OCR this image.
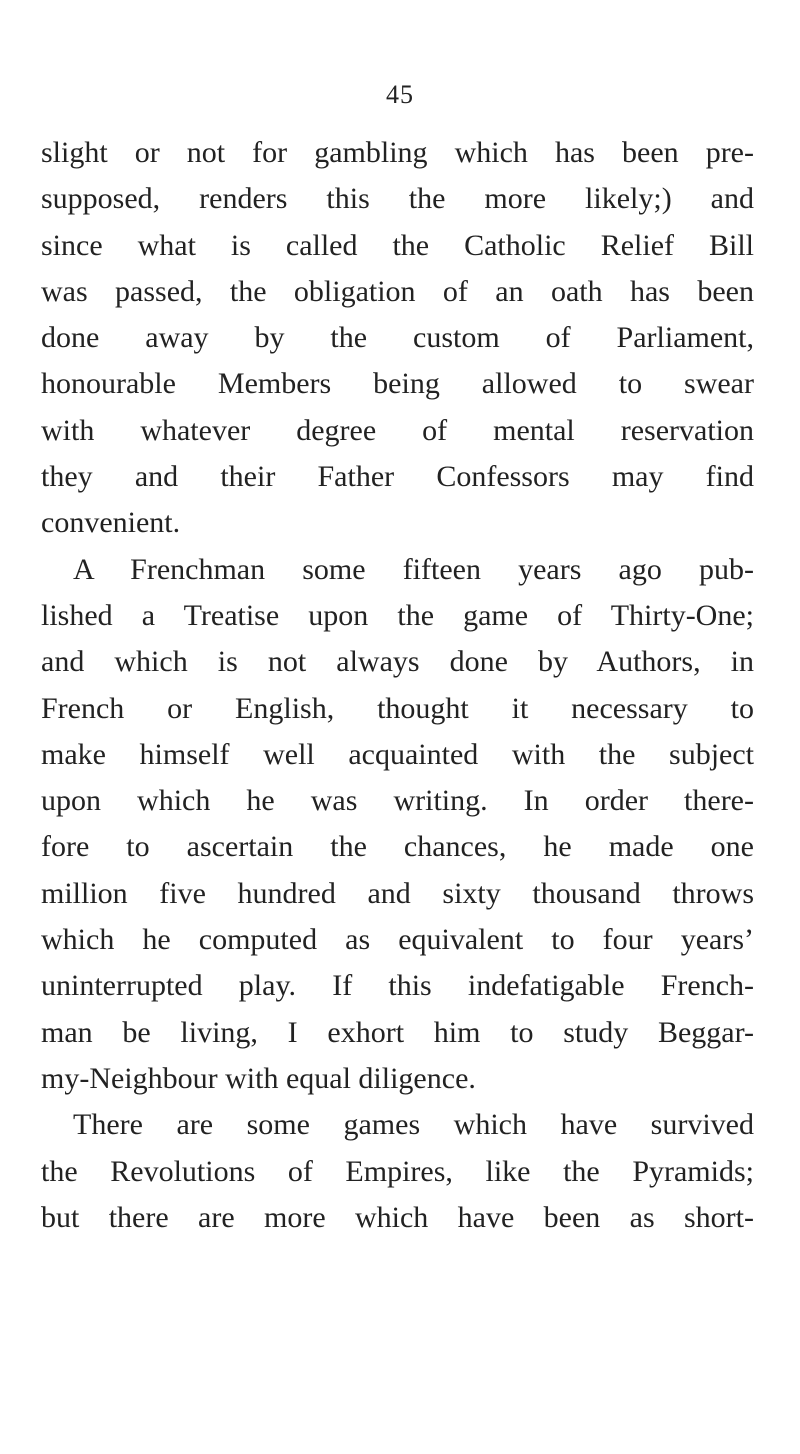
45
slight or not for gambling which has been pre-
supposed, renders this the more likely;) and
since what is called the Catholic Relief Bill
was passed, the obligation of an oath has been
done away by the custom of Parliament,
honourable Members being allowed to swear
with whatever degree of mental reservation
they and their Father Confessors may find
convenient.
A Frenchman some fifteen years ago pub-
lished a Treatise upon the game of Thirty-One;
and which is not always done by Authors, in
French or English, thought it necessary to
make himself well acquainted with the subject
upon which he was writing. In order there-
fore to ascertain the chances, he made one
million five hundred and sixty thousand throws
which he computed as equivalent to four years’
uninterrupted play. If this indefatigable French-
man be living, I exhort him to study Beggar-
my-Neighbour with equal diligence.
There are some games which have survived
the Revolutions of Empires, like the Pyramids;
but there are more which have been as short-
